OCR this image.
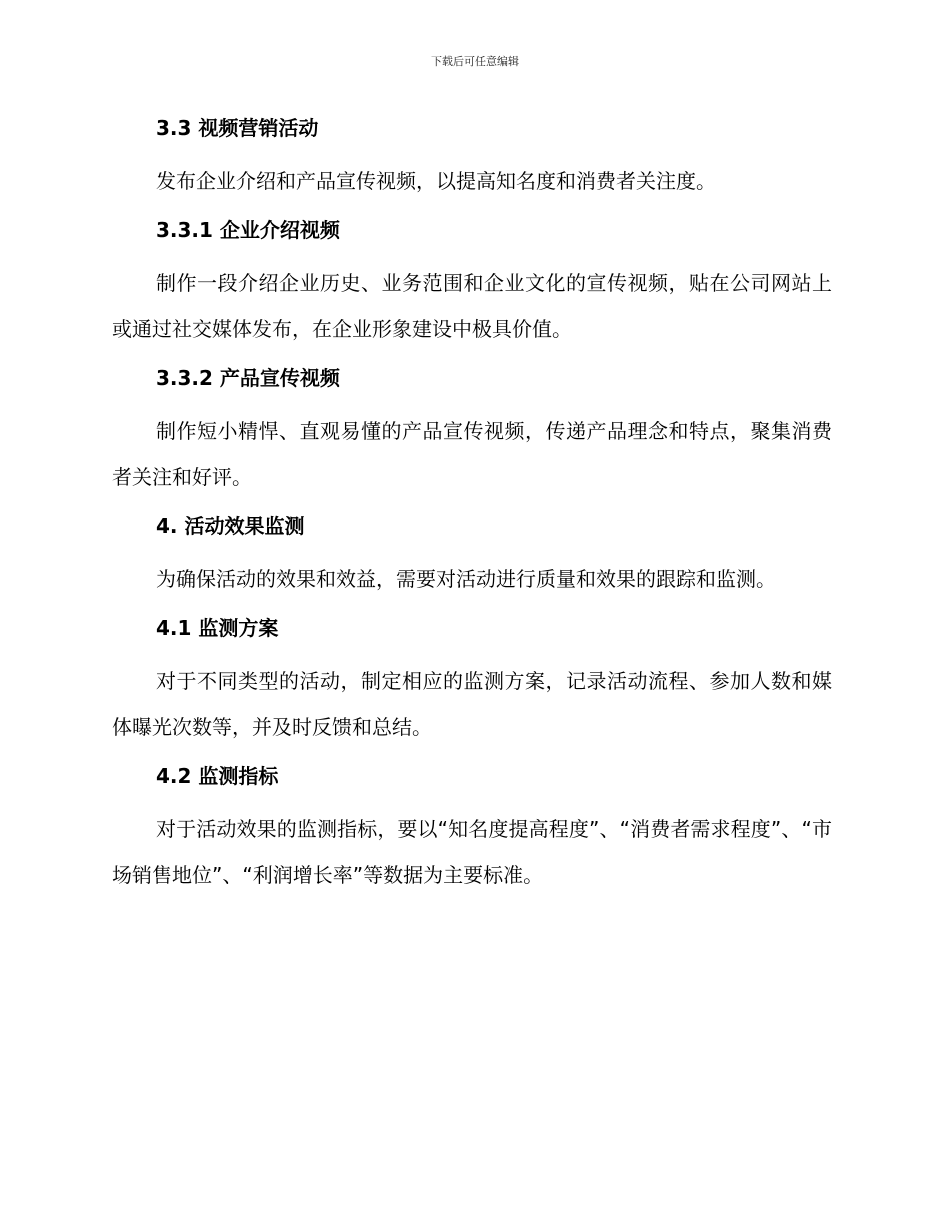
下载后可任意编辑
3.3 视频营销活动

发布企业介绍和产品宣传视频，以提高知名度和消费者关注度。

3.3.1 企业介绍视频

制作一段介绍企业历史、业务范围和企业文化的宣传视频，贴在公司网站上或通过社交媒体发布，在企业形象建设中极具价值。

3.3.2 产品宣传视频

制作短小精悍、直观易懂的产品宣传视频，传递产品理念和特点，聚集消费者关注和好评。

4. 活动效果监测

为确保活动的效果和效益，需要对活动进行质量和效果的跟踪和监测。

4.1 监测方案

对于不同类型的活动，制定相应的监测方案，记录活动流程、参加人数和媒体曝光次数等，并及时反馈和总结。

4.2 监测指标

对于活动效果的监测指标，要以“知名度提高程度”、“消费者需求程度”、“市场销售地位”、“利润增长率”等数据为主要标准。
